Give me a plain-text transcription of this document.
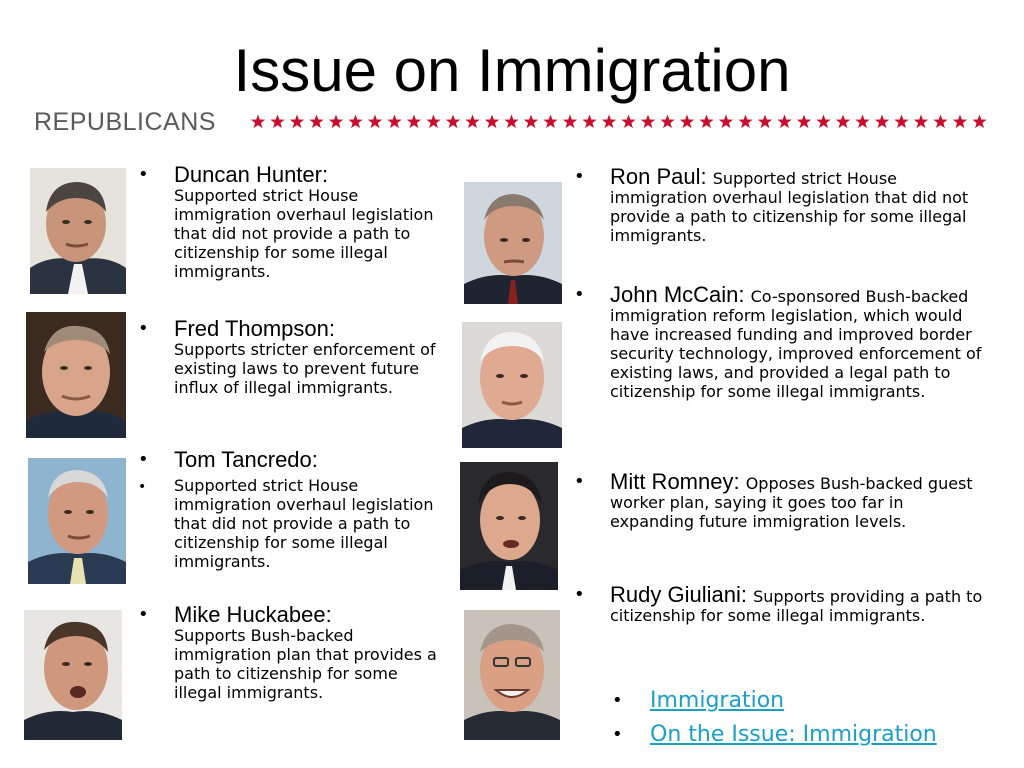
Issue on Immigration
REPUBLICANS
• Duncan Hunter:
Supported strict House immigration overhaul legislation that did not provide a path to citizenship for some illegal immigrants.
• Fred Thompson:
Supports stricter enforcement of existing laws to prevent future influx of illegal immigrants.
• Tom Tancredo:
• Supported strict House immigration overhaul legislation that did not provide a path to citizenship for some illegal immigrants.
• Mike Huckabee:
Supports Bush-backed immigration plan that provides a path to citizenship for some illegal immigrants.
• Ron Paul: Supported strict House immigration overhaul legislation that did not provide a path to citizenship for some illegal immigrants.
• John McCain: Co-sponsored Bush-backed immigration reform legislation, which would have increased funding and improved border security technology, improved enforcement of existing laws, and provided a legal path to citizenship for some illegal immigrants.
• Mitt Romney: Opposes Bush-backed guest worker plan, saying it goes too far in expanding future immigration levels.
• Rudy Giuliani: Supports providing a path to citizenship for some illegal immigrants.
• Immigration
• On the Issue: Immigration
